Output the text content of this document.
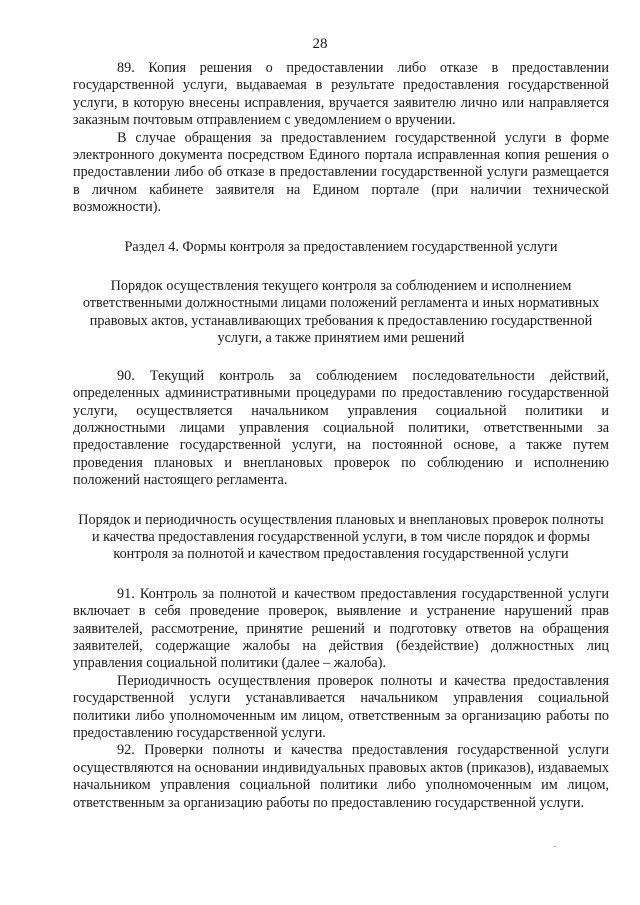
28

89. Копия решения о предоставлении либо отказе в предоставлении государственной услуги, выдаваемая в результате предоставления государственной услуги, в которую внесены исправления, вручается заявителю лично или направляется заказным почтовым отправлением с уведомлением о вручении.

В случае обращения за предоставлением государственной услуги в форме электронного документа посредством Единого портала исправленная копия решения о предоставлении либо об отказе в предоставлении государственной услуги размещается в личном кабинете заявителя на Едином портале (при наличии технической возможности).

Раздел 4. Формы контроля за предоставлением государственной услуги

Порядок осуществления текущего контроля за соблюдением и исполнением ответственными должностными лицами положений регламента и иных нормативных правовых актов, устанавливающих требования к предоставлению государственной услуги, а также принятием ими решений

90. Текущий контроль за соблюдением последовательности действий, определенных административными процедурами по предоставлению государственной услуги, осуществляется начальником управления социальной политики и должностными лицами управления социальной политики, ответственными за предоставление государственной услуги, на постоянной основе, а также путем проведения плановых и внеплановых проверок по соблюдению и исполнению положений настоящего регламента.

Порядок и периодичность осуществления плановых и внеплановых проверок полноты и качества предоставления государственной услуги, в том числе порядок и формы контроля за полнотой и качеством предоставления государственной услуги

91. Контроль за полнотой и качеством предоставления государственной услуги включает в себя проведение проверок, выявление и устранение нарушений прав заявителей, рассмотрение, принятие решений и подготовку ответов на обращения заявителей, содержащие жалобы на действия (бездействие) должностных лиц управления социальной политики (далее – жалоба).

Периодичность осуществления проверок полноты и качества предоставления государственной услуги устанавливается начальником управления социальной политики либо уполномоченным им лицом, ответственным за организацию работы по предоставлению государственной услуги.

92. Проверки полноты и качества предоставления государственной услуги осуществляются на основании индивидуальных правовых актов (приказов), издаваемых начальником управления социальной политики либо уполномоченным им лицом, ответственным за организацию работы по предоставлению государственной услуги.
